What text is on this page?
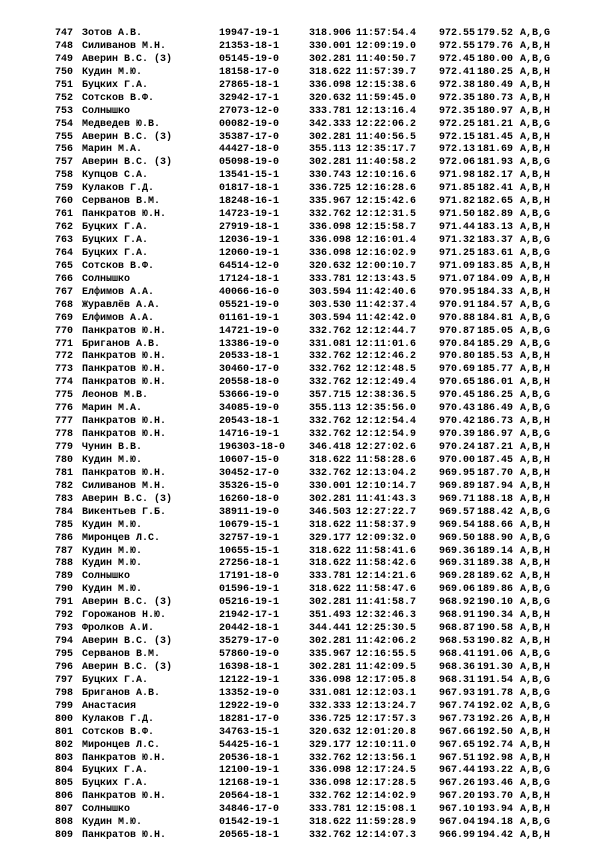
747 Зотов А.В.	19947-19-1	318.906 11:57:54.4 972.55 179.52 A,B,G
748 Силиванов М.Н.	21353-18-1	330.001 12:09:19.0 972.55 179.76 A,B,H
749 Аверин В.С. (3)	05145-19-0	302.281 11:40:50.7 972.45 180.00 A,B,G
750 Кудин М.Ю.	18158-17-0	318.622 11:57:39.7 972.41 180.25 A,B,H
751 Буцких Г.А.	27865-18-1	336.098 12:15:38.6 972.38 180.49 A,B,H
752 Сотсков В.Ф.	32942-17-1	320.632 11:59:45.0 972.35 180.73 A,B,H
753 Солнышко	27073-12-0	333.781 12:13:16.4 972.35 180.97 A,B,H
754 Медведев Ю.В.	00082-19-0	342.333 12:22:06.2 972.25 181.21 A,B,G
755 Аверин В.С. (3)	35387-17-0	302.281 11:40:56.5 972.15 181.45 A,B,H
756 Марин М.А.	44427-18-0	355.113 12:35:17.7 972.13 181.69 A,B,H
757 Аверин В.С. (3)	05098-19-0	302.281 11:40:58.2 972.06 181.93 A,B,G
758 Купцов С.А.	13541-15-1	330.743 12:10:16.6 971.98 182.17 A,B,H
759 Кулаков Г.Д.	01817-18-1	336.725 12:16:28.6 971.85 182.41 A,B,H
760 Серванов В.М.	18248-16-1	335.967 12:15:42.6 971.82 182.65 A,B,H
761 Панкратов Ю.Н.	14723-19-1	332.762 12:12:31.5 971.50 182.89 A,B,G
762 Буцких Г.А.	27919-18-1	336.098 12:15:58.7 971.44 183.13 A,B,H
763 Буцких Г.А.	12036-19-1	336.098 12:16:01.4 971.32 183.37 A,B,G
764 Буцких Г.А.	12060-19-1	336.098 12:16:02.9 971.25 183.61 A,B,G
765 Сотсков В.Ф.	64514-12-0	320.632 12:00:10.7 971.09 183.85 A,B,H
766 Солнышко	17124-18-1	333.781 12:13:43.5 971.07 184.09 A,B,H
767 Елфимов А.А.	40066-16-0	303.594 11:42:40.6 970.95 184.33 A,B,H
768 Журавлёв А.А.	05521-19-0	303.530 11:42:37.4 970.91 184.57 A,B,G
769 Елфимов А.А.	01161-19-1	303.594 11:42:42.0 970.88 184.81 A,B,G
770 Панкратов Ю.Н.	14721-19-0	332.762 12:12:44.7 970.87 185.05 A,B,G
771 Бриганов А.В.	13386-19-0	331.081 12:11:01.6 970.84 185.29 A,B,G
772 Панкратов Ю.Н.	20533-18-1	332.762 12:12:46.2 970.80 185.53 A,B,H
773 Панкратов Ю.Н.	30460-17-0	332.762 12:12:48.5 970.69 185.77 A,B,H
774 Панкратов Ю.Н.	20558-18-0	332.762 12:12:49.4 970.65 186.01 A,B,H
775 Леонов М.В.	53666-19-0	357.715 12:38:36.5 970.45 186.25 A,B,G
776 Марин М.А.	34085-19-0	355.113 12:35:56.0 970.43 186.49 A,B,G
777 Панкратов Ю.Н.	20543-18-1	332.762 12:12:54.4 970.42 186.73 A,B,H
778 Панкратов Ю.Н.	14716-19-1	332.762 12:12:54.9 970.39 186.97 A,B,G
779 Чунин В.В.	196303-18-0 346.418 12:27:02.6 970.24 187.21 A,B,H
780 Кудин М.Ю.	10607-15-0	318.622 11:58:28.6 970.00 187.45 A,B,H
781 Панкратов Ю.Н.	30452-17-0	332.762 12:13:04.2 969.95 187.70 A,B,H
782 Силиванов М.Н.	35326-15-0	330.001 12:10:14.7 969.89 187.94 A,B,H
783 Аверин В.С. (3)	16260-18-0	302.281 11:41:43.3 969.71 188.18 A,B,H
784 Викентьев Г.Б.	38911-19-0	346.503 12:27:22.7 969.57 188.42 A,B,G
785 Кудин М.Ю.	10679-15-1	318.622 11:58:37.9 969.54 188.66 A,B,H
786 Миронцев Л.С.	32757-19-1	329.177 12:09:32.0 969.50 188.90 A,B,G
787 Кудин М.Ю.	10655-15-1	318.622 11:58:41.6 969.36 189.14 A,B,H
788 Кудин М.Ю.	27256-18-1	318.622 11:58:42.6 969.31 189.38 A,B,H
789 Солнышко	17191-18-0	333.781 12:14:21.6 969.28 189.62 A,B,H
790 Кудин М.Ю.	01596-19-1	318.622 11:58:47.6 969.06 189.86 A,B,G
791 Аверин В.С. (3)	05216-19-1	302.281 11:41:58.7 968.92 190.10 A,B,G
792 Горожанов Н.Ю.	21942-17-1	351.493 12:32:46.3 968.91 190.34 A,B,H
793 Фролков А.И.	20442-18-1	344.441 12:25:30.5 968.87 190.58 A,B,H
794 Аверин В.С. (3)	35279-17-0	302.281 11:42:06.2 968.53 190.82 A,B,H
795 Серванов В.М.	57860-19-0	335.967 12:16:55.5 968.41 191.06 A,B,G
796 Аверин В.С. (3)	16398-18-1	302.281 11:42:09.5 968.36 191.30 A,B,H
797 Буцких Г.А.	12122-19-1	336.098 12:17:05.8 968.31 191.54 A,B,G
798 Бриганов А.В.	13352-19-0	331.081 12:12:03.1 967.93 191.78 A,B,G
799 Анастасия	12922-19-0	332.333 12:13:24.7 967.74 192.02 A,B,G
800 Кулаков Г.Д.	18281-17-0	336.725 12:17:57.3 967.73 192.26 A,B,H
801 Сотсков В.Ф.	34763-15-1	320.632 12:01:20.8 967.66 192.50 A,B,H
802 Миронцев Л.С.	54425-16-1	329.177 12:10:11.0 967.65 192.74 A,B,H
803 Панкратов Ю.Н.	20536-18-1	332.762 12:13:56.1 967.51 192.98 A,B,H
804 Буцких Г.А.	12100-19-1	336.098 12:17:24.5 967.44 193.22 A,B,G
805 Буцких Г.А.	12168-19-1	336.098 12:17:28.5 967.26 193.46 A,B,G
806 Панкратов Ю.Н.	20564-18-1	332.762 12:14:02.9 967.20 193.70 A,B,H
807 Солнышко	34846-17-0	333.781 12:15:08.1 967.10 193.94 A,B,H
808 Кудин М.Ю.	01542-19-1	318.622 11:59:28.9 967.04 194.18 A,B,G
809 Панкратов Ю.Н.	20565-18-1	332.762 12:14:07.3 966.99 194.42 A,B,H
